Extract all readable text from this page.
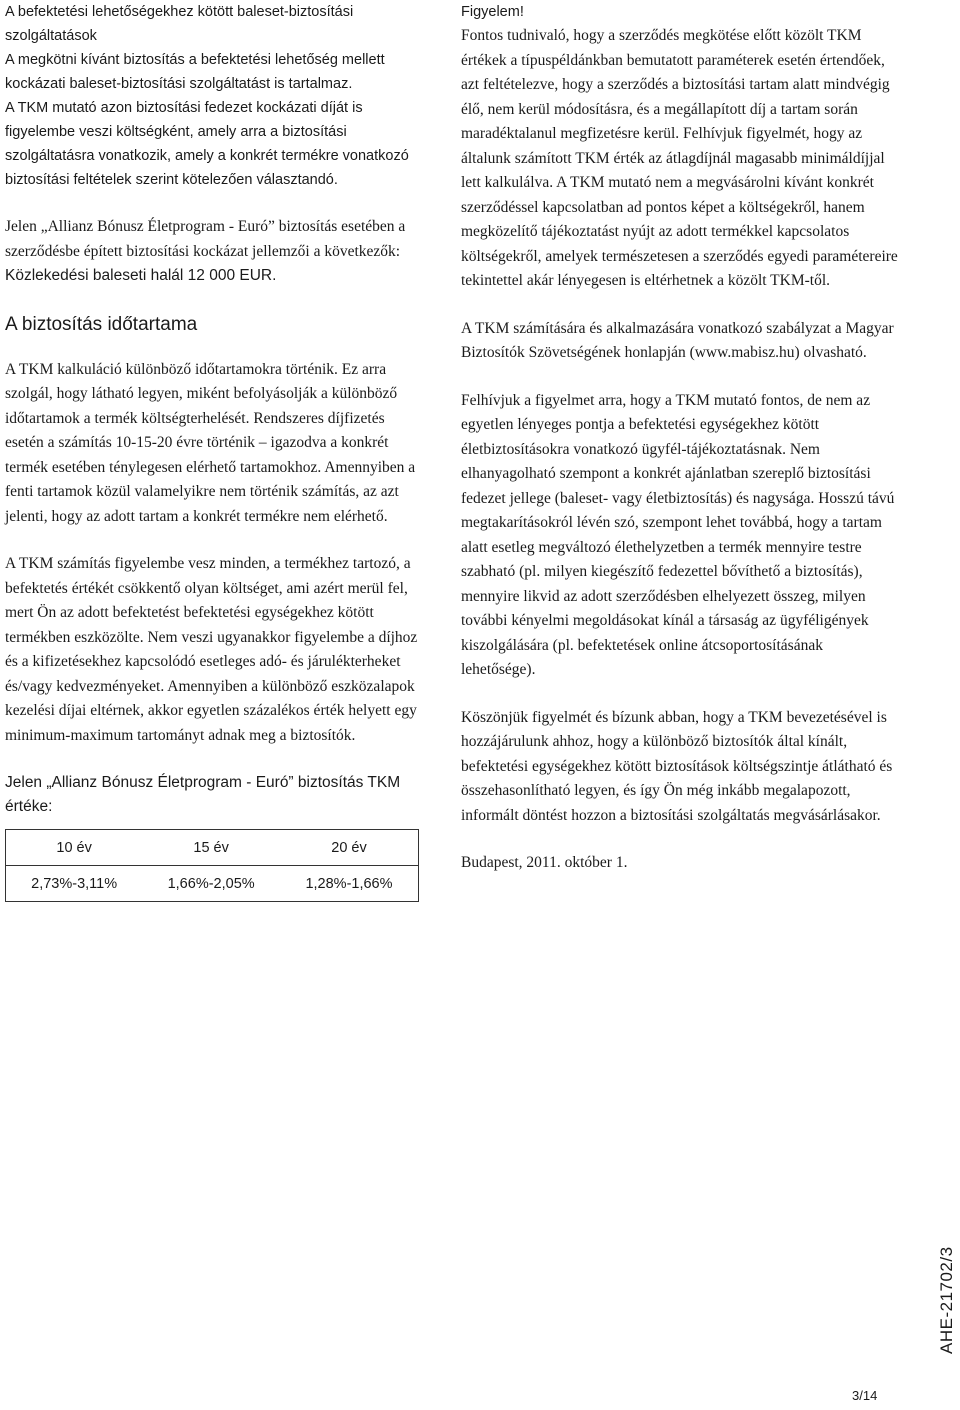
A befektetési lehetőségekhez kötött baleset-biztosítási szolgáltatások

A megkötni kívánt biztosítás a befektetési lehetőség mellett kockázati baleset-biztosítási szolgáltatást is tartalmaz.

A TKM mutató azon biztosítási fedezet kockázati díját is figyelembe veszi költségként, amely arra a biztosítási szolgáltatásra vonatkozik, amely a konkrét termékre vonatkozó biztosítási feltételek szerint kötelezően választandó.

Jelen „Allianz Bónusz Életprogram - Euró” biztosítás esetében a szerződésbe épített biztosítási kockázat jellemzői a következők: Közlekedési baleseti halál 12 000 EUR.

A biztosítás időtartama

A TKM kalkuláció különböző időtartamokra történik. Ez arra szolgál, hogy látható legyen, miként befolyásolják a különböző időtartamok a termék költségterhelését. Rendszeres díjfizetés esetén a számítás 10-15-20 évre történik – igazodva a konkrét termék esetében ténylegesen elérhető tartamokhoz. Amennyiben a fenti tartamok közül valamelyikre nem történik számítás, az azt jelenti, hogy az adott tartam a konkrét termékre nem elérhető.

A TKM számítás figyelembe vesz minden, a termékhez tartozó, a befektetés értékét csökkentő olyan költséget, ami azért merül fel, mert Ön az adott befektetést befektetési egységekhez kötött termékben eszközölte. Nem veszi ugyanakkor figyelembe a díjhoz és a kifizetésekhez kapcsolódó esetleges adó- és járulékterheket és/vagy kedvezményeket. Amennyiben a különböző eszközalapok kezelési díjai eltérnek, akkor egyetlen százalékos érték helyett egy minimum-maximum tartományt adnak meg a biztosítók.

Jelen „Allianz Bónusz Életprogram - Euró” biztosítás TKM értéke:

10 év	15 év	20 év
2,73%-3,11%	1,66%-2,05%	1,28%-1,66%

Figyelem!

Fontos tudnivaló, hogy a szerződés megkötése előtt közölt TKM értékek a típuspéldánkban bemutatott paraméterek esetén értendőek, azt feltételezve, hogy a szerződés a biztosítási tartam alatt mindvégig élő, nem kerül módosításra, és a megállapított díj a tartam során maradéktalanul megfizetésre kerül. Felhívjuk figyelmét, hogy az általunk számított TKM érték az átlagdíjnál magasabb minimáldíjjal lett kalkulálva. A TKM mutató nem a megvásárolni kívánt konkrét szerződéssel kapcsolatban ad pontos képet a költségekről, hanem megközelítő tájékoztatást nyújt az adott termékkel kapcsolatos költségekről, amelyek természetesen a szerződés egyedi paramétereire tekintettel akár lényegesen is eltérhetnek a közölt TKM-től.

A TKM számítására és alkalmazására vonatkozó szabályzat a Magyar Biztosítók Szövetségének honlapján (www.mabisz.hu) olvasható.

Felhívjuk a figyelmet arra, hogy a TKM mutató fontos, de nem az egyetlen lényeges pontja a befektetési egységekhez kötött életbiztosításokra vonatkozó ügyfél-tájékoztatásnak. Nem elhanyagolható szempont a konkrét ajánlatban szereplő biztosítási fedezet jellege (baleset- vagy életbiztosítás) és nagysága. Hosszú távú megtakarításokról lévén szó, szempont lehet továbbá, hogy a tartam alatt esetleg megváltozó élethelyzetben a termék mennyire testre szabható (pl. milyen kiegészítő fedezettel bővíthető a biztosítás), mennyire likvid az adott szerződésben elhelyezett összeg, milyen további kényelmi megoldásokat kínál a társaság az ügyféligények kiszolgálására (pl. befektetések online átcsoportosításának lehetősége).

Köszönjük figyelmét és bízunk abban, hogy a TKM bevezetésével is hozzájárulunk ahhoz, hogy a különböző biztosítók által kínált, befektetési egységekhez kötött biztosítások költségszintje átlátható és összehasonlítható legyen, és így Ön még inkább megalapozott, informált döntést hozzon a biztosítási szolgáltatás megvásárlásakor.

Budapest, 2011. október 1.

AHE-21702/3
3/14
